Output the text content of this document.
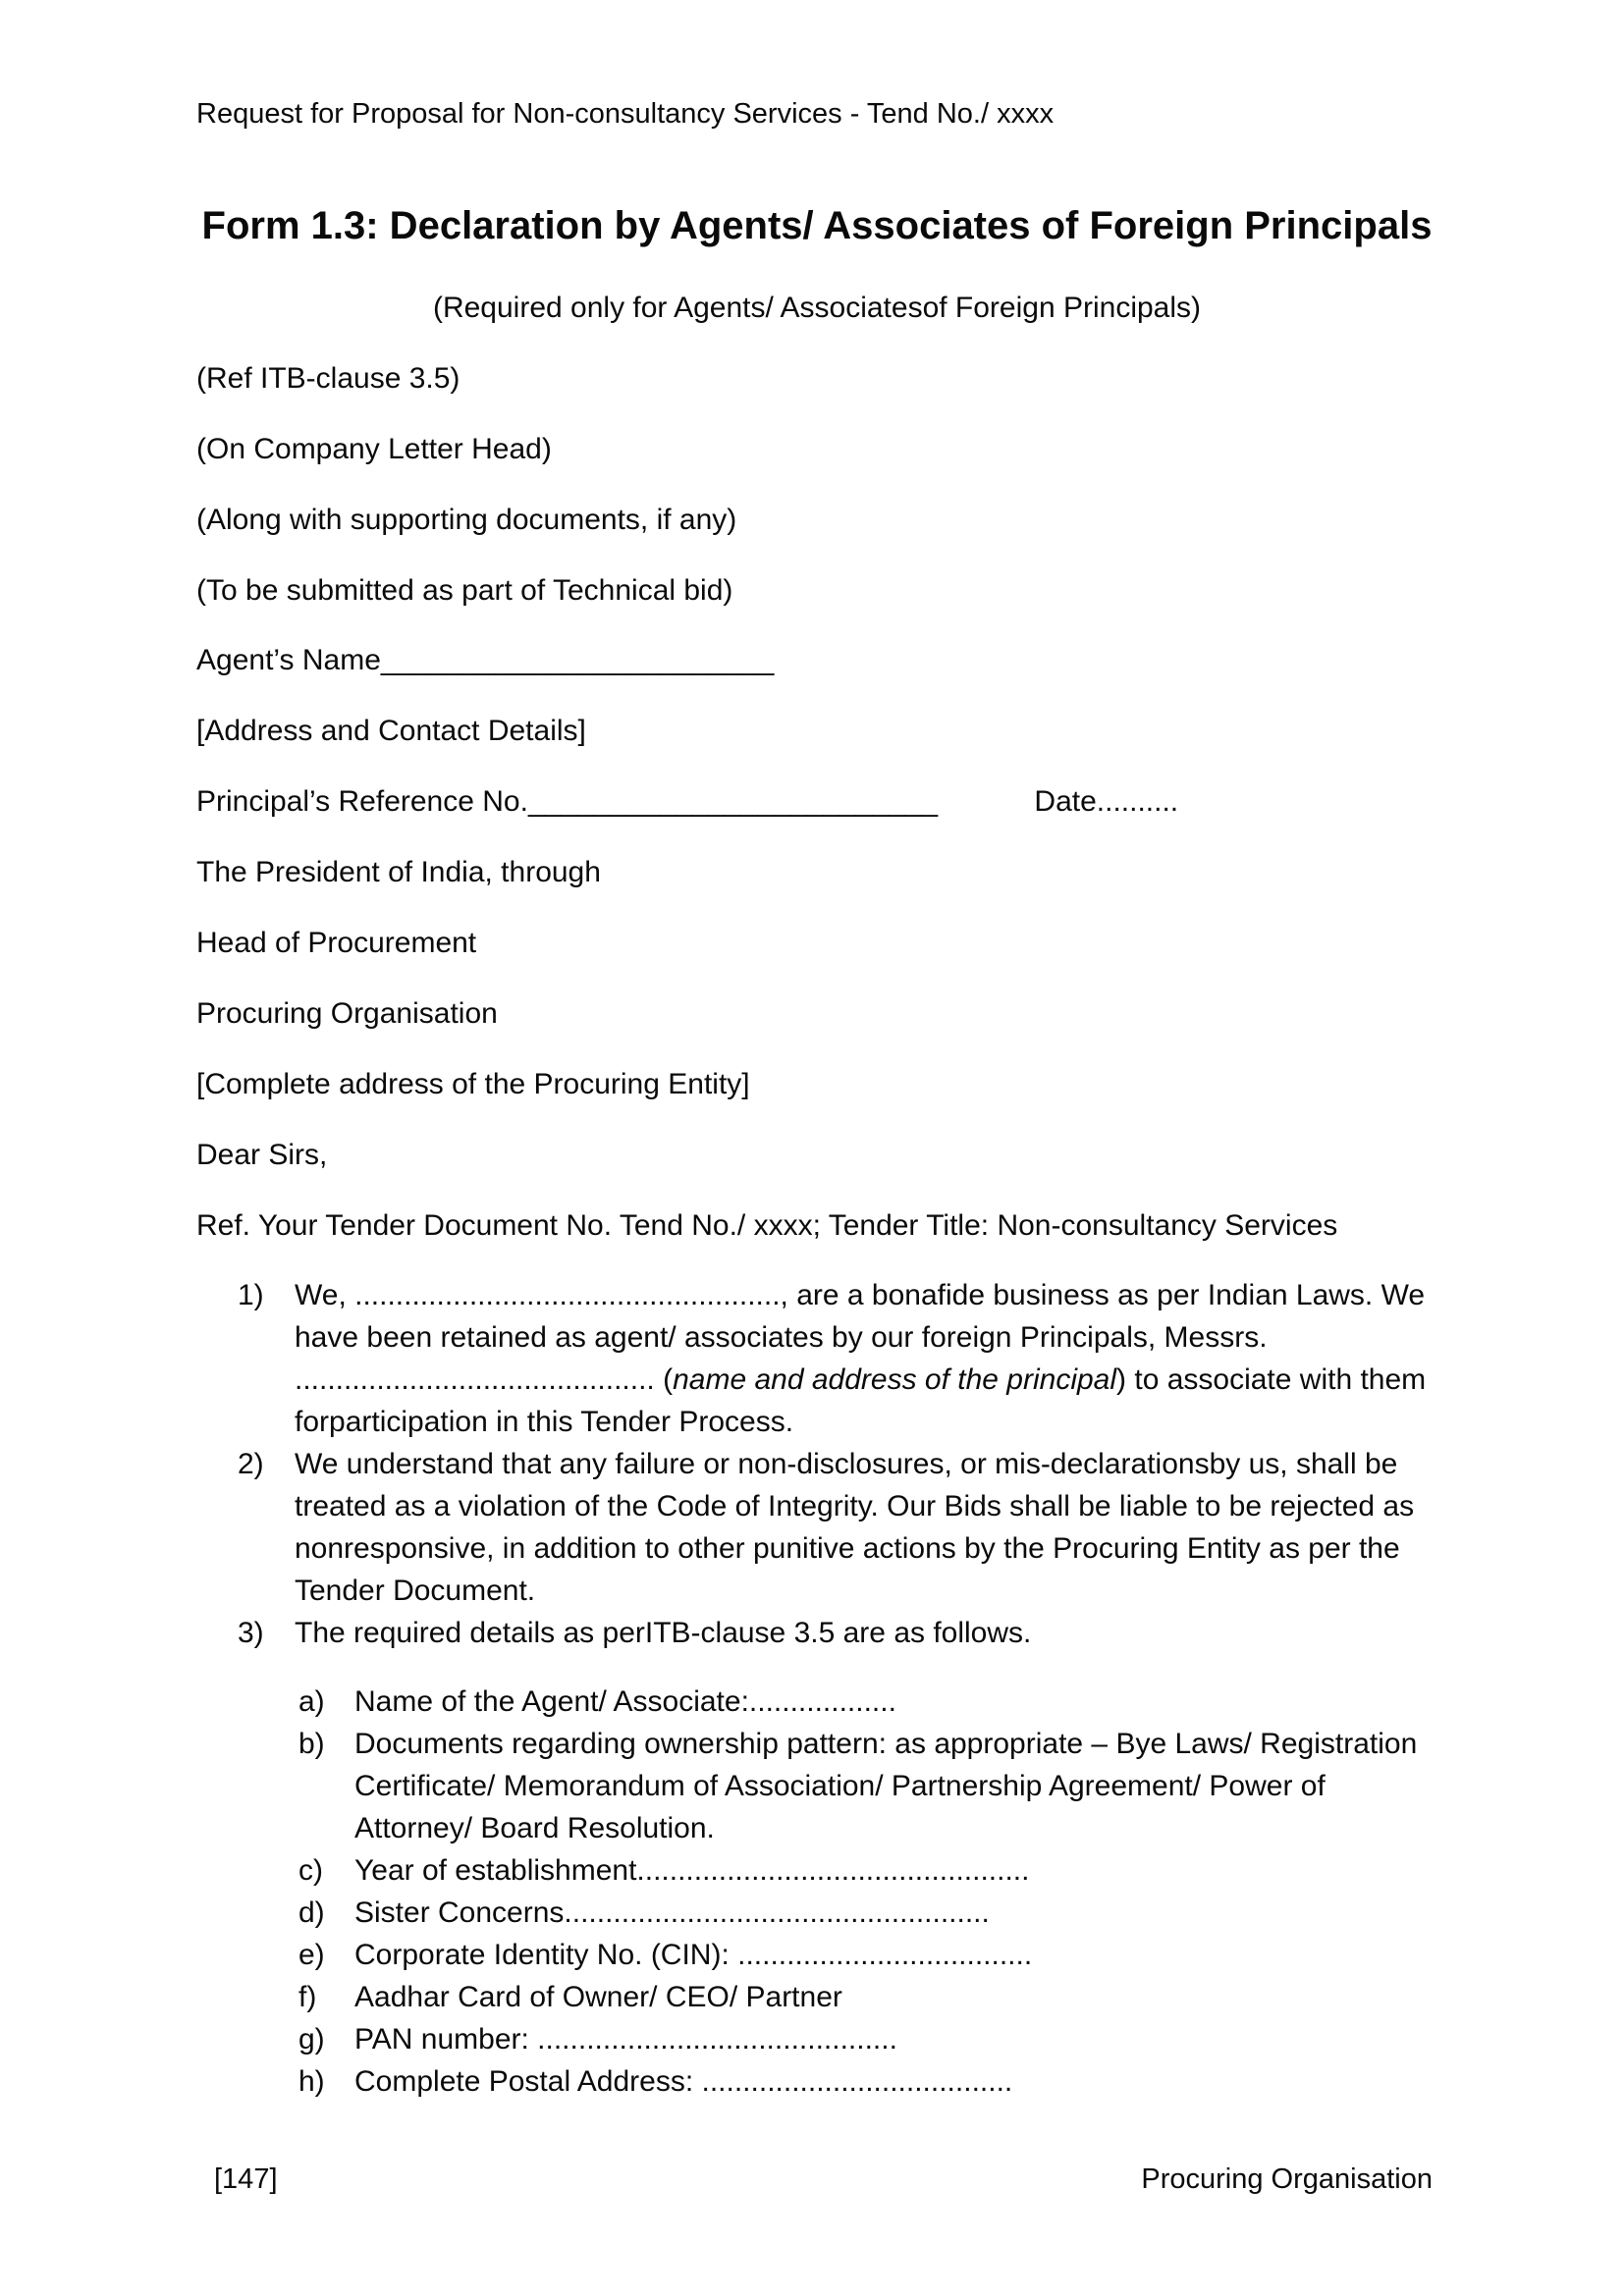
Request for Proposal for Non-consultancy Services - Tend No./ xxxx
Form 1.3: Declaration by Agents/ Associates of Foreign Principals

(Required only for Agents/ Associatesof Foreign Principals)

(Ref ITB-clause 3.5)

(On Company Letter Head)

(Along with supporting documents, if any)

(To be submitted as part of Technical bid)

Agent’s Name________________________

[Address and Contact Details]

Principal’s Reference No._________________________	Date..........

The President of India, through

Head of Procurement

Procuring Organisation

[Complete address of the Procuring Entity]

Dear Sirs,

Ref. Your Tender Document No. Tend No./ xxxx; Tender Title: Non-consultancy Services

1)	We, ...................................................., are a bonafide business as per Indian Laws. We have been retained as agent/ associates by our foreign Principals, Messrs. ............................................ (name and address of the principal) to associate with them forparticipation in this Tender Process.
2)	We understand that any failure or non-disclosures, or mis-declarationsby us, shall be treated as a violation of the Code of Integrity. Our Bids shall be liable to be rejected as nonresponsive, in addition to other punitive actions by the Procuring Entity as per the Tender Document.
3)	The required details as perITB-clause 3.5 are as follows.
a)	Name of the Agent/ Associate:..................
b)	Documents regarding ownership pattern: as appropriate – Bye Laws/ Registration Certificate/ Memorandum of Association/ Partnership Agreement/ Power of Attorney/ Board Resolution.
c)	Year of establishment................................................
d)	Sister Concerns....................................................
e)	Corporate Identity No. (CIN): ....................................
f)	Aadhar Card of Owner/ CEO/ Partner
g)	PAN number: ............................................
h)	Complete Postal Address: ......................................
[147]	Procuring Organisation
